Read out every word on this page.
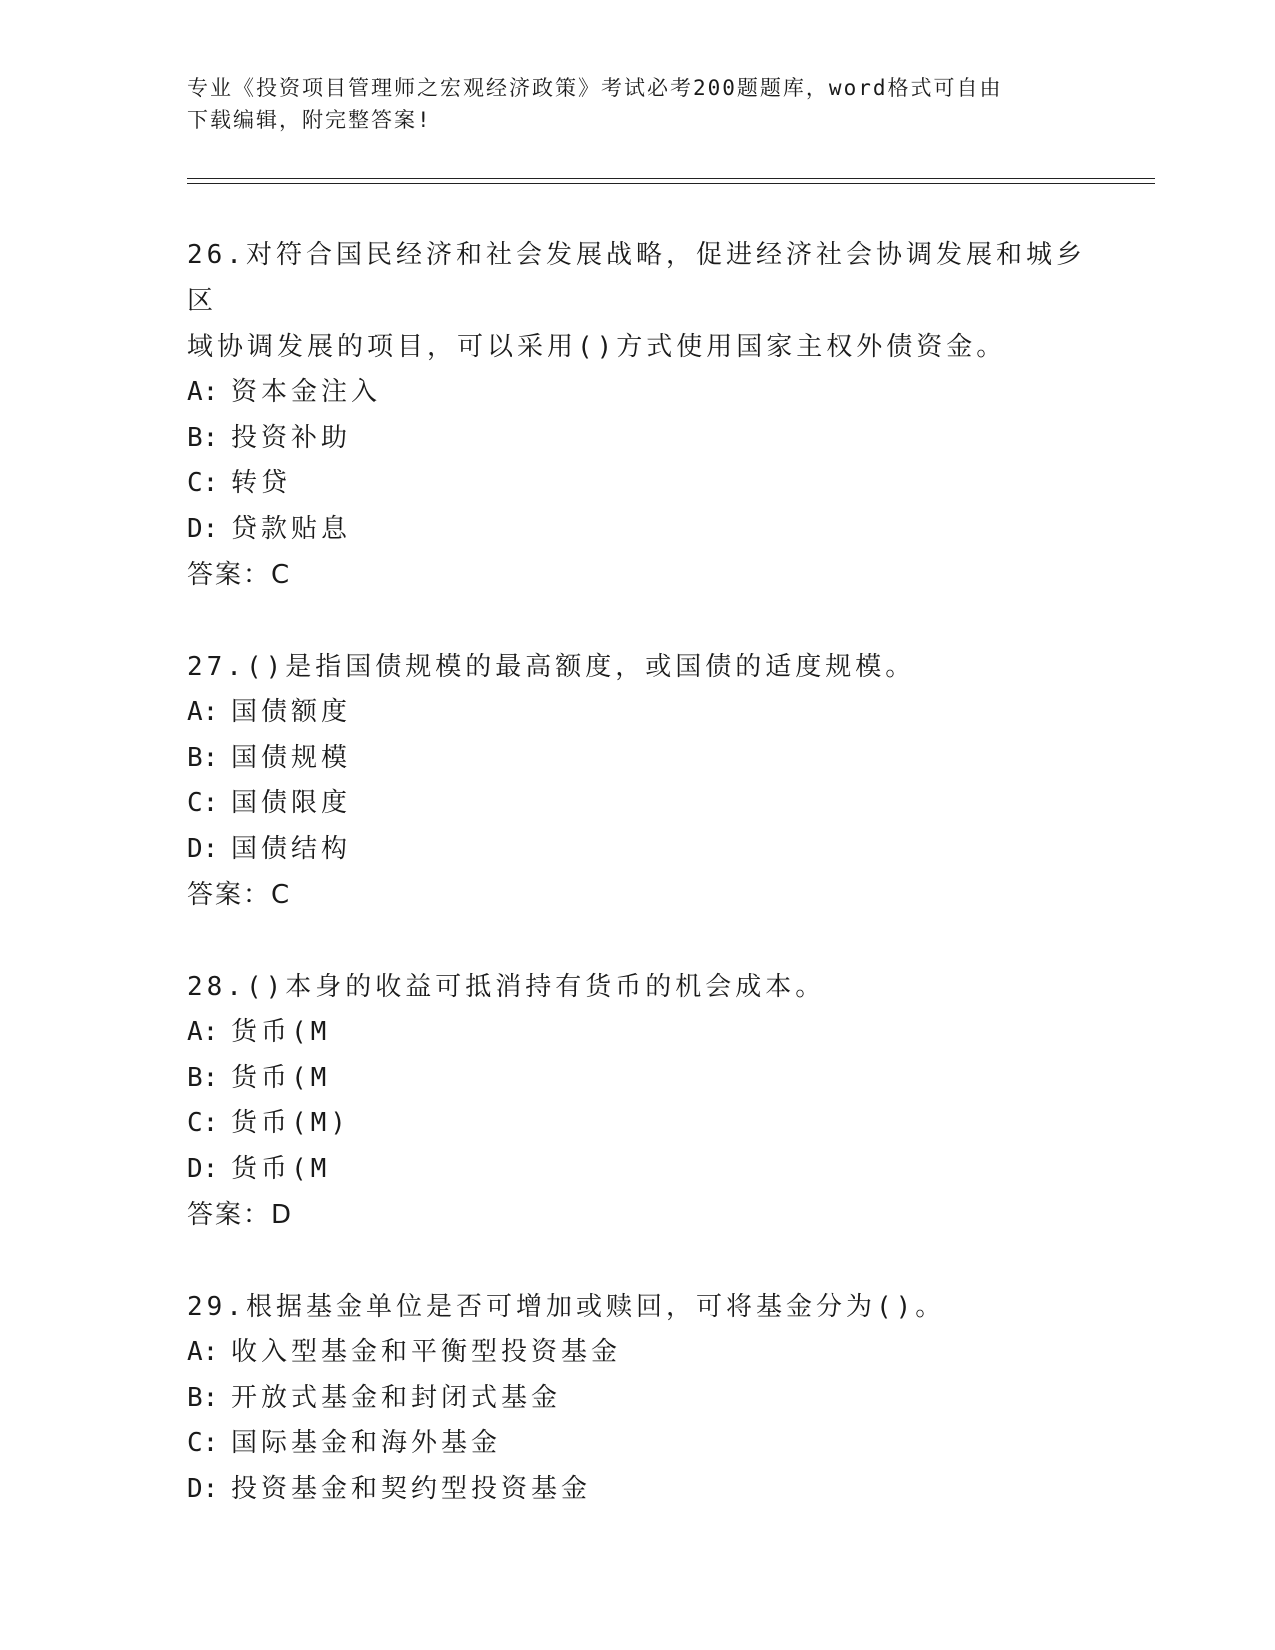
专业《投资项目管理师之宏观经济政策》考试必考200题题库，word格式可自由
下载编辑，附完整答案!
26.对符合国民经济和社会发展战略，促进经济社会协调发展和城乡区
域协调发展的项目，可以采用()方式使用国家主权外债资金。
A: 资本金注入
B: 投资补助
C: 转贷
D: 贷款贴息
答案：C
27.()是指国债规模的最高额度，或国债的适度规模。
A: 国债额度
B: 国债规模
C: 国债限度
D: 国债结构
答案：C
28.()本身的收益可抵消持有货币的机会成本。
A: 货币(M
B: 货币(M
C: 货币(M)
D: 货币(M
答案：D
29.根据基金单位是否可增加或赎回，可将基金分为()。
A: 收入型基金和平衡型投资基金
B: 开放式基金和封闭式基金
C: 国际基金和海外基金
D: 投资基金和契约型投资基金
